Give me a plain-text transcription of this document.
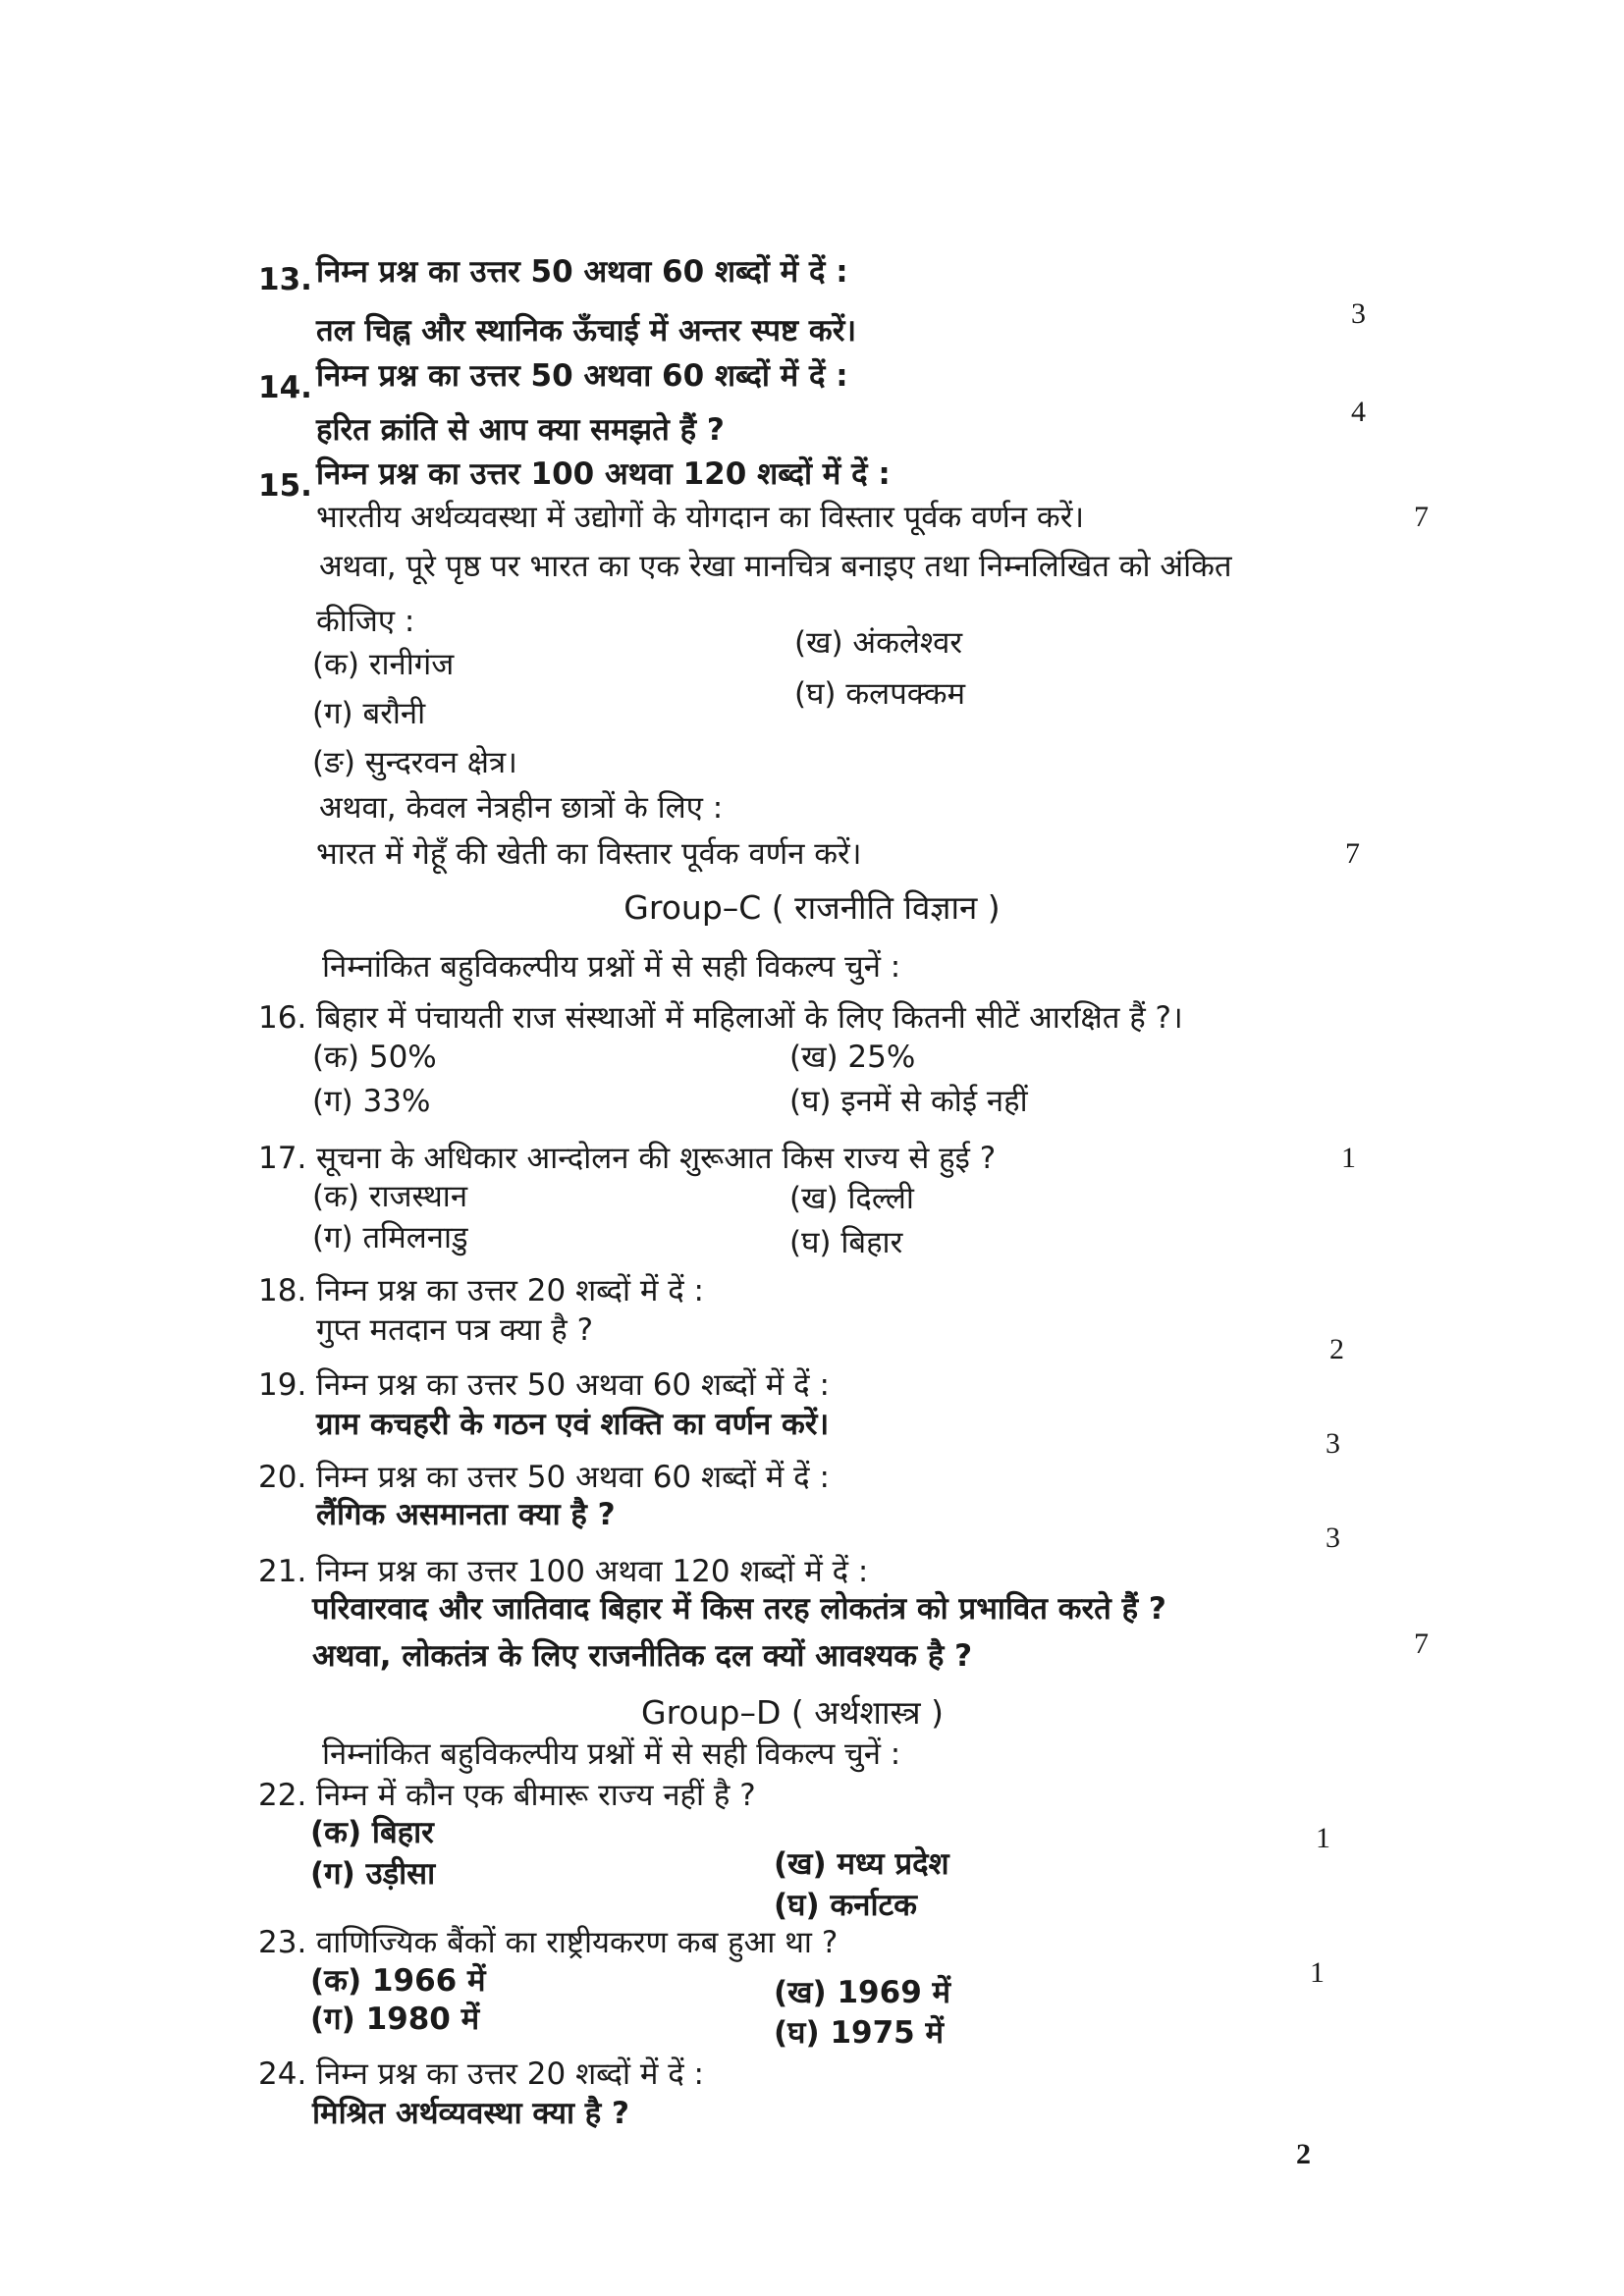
13. निम्न प्रश्न का उत्तर 50 अथवा 60 शब्दों में दें :
तल चिह्न और स्थानिक ऊँचाई में अन्तर स्पष्ट करें।	3
14. निम्न प्रश्न का उत्तर 50 अथवा 60 शब्दों में दें :
हरित क्रांति से आप क्या समझते हैं ?
4
15. निम्न प्रश्न का उत्तर 100 अथवा 120 शब्दों में दें :
भारतीय अर्थव्यवस्था में उद्योगों के योगदान का विस्तार पूर्वक वर्णन करें।	7
अथवा, पूरे पृष्ठ पर भारत का एक रेखा मानचित्र बनाइए तथा निम्नलिखित को अंकित
कीजिए :
(क) रानीगंज
(ख) अंकलेश्वर
(ग) बरौनी
(घ) कलपक्कम
(ङ) सुन्दरवन क्षेत्र।
अथवा, केवल नेत्रहीन छात्रों के लिए :
भारत में गेहूँ की खेती का विस्तार पूर्वक वर्णन करें।	7
Group–C ( राजनीति विज्ञान )
निम्नांकित बहुविकल्पीय प्रश्नों में से सही विकल्प चुनें :
16. बिहार में पंचायती राज संस्थाओं में महिलाओं के लिए कितनी सीटें आरक्षित हैं ?।
(क) 50%	(ख) 25%
(ग) 33%	(घ) इनमें से कोई नहीं
17. सूचना के अधिकार आन्दोलन की शुरूआत किस राज्य से हुई ?	1
(क) राजस्थान	(ख) दिल्ली
(ग) तमिलनाडु	(घ) बिहार
18. निम्न प्रश्न का उत्तर 20 शब्दों में दें :
गुप्त मतदान पत्र क्या है ?
2
19. निम्न प्रश्न का उत्तर 50 अथवा 60 शब्दों में दें :
ग्राम कचहरी के गठन एवं शक्ति का वर्णन करें।
3
20. निम्न प्रश्न का उत्तर 50 अथवा 60 शब्दों में दें :
लैंगिक असमानता क्या है ?
3
21. निम्न प्रश्न का उत्तर 100 अथवा 120 शब्दों में दें :
परिवारवाद और जातिवाद बिहार में किस तरह लोकतंत्र को प्रभावित करते हैं ?
अथवा, लोकतंत्र के लिए राजनीतिक दल क्यों आवश्यक है ?	7
Group–D ( अर्थशास्त्र )
निम्नांकित बहुविकल्पीय प्रश्नों में से सही विकल्प चुनें :
22. निम्न में कौन एक बीमारू राज्य नहीं है ?
1
(क) बिहार
(ख) मध्य प्रदेश
(ग) उड़ीसा
(घ) कर्नाटक
23. वाणिज्यिक बैंकों का राष्ट्रीयकरण कब हुआ था ?
1
(क) 1966 में	(ख) 1969 में
(ग) 1980 में	(घ) 1975 में
24. निम्न प्रश्न का उत्तर 20 शब्दों में दें :
मिश्रित अर्थव्यवस्था क्या है ?
2
